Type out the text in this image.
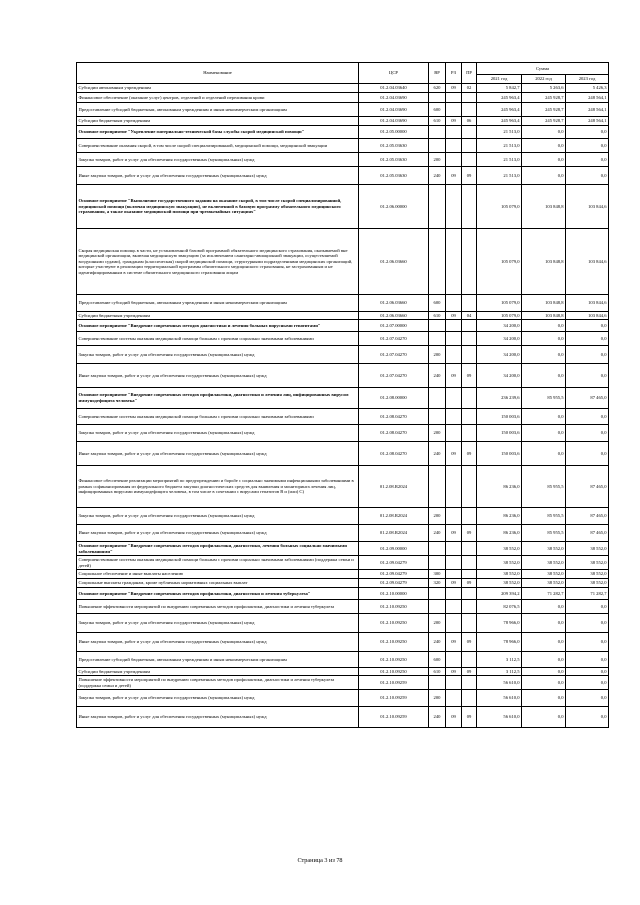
Наименование	ЦСР	ВР	РЗ	ПР	Сумма		
					2021 год	2022 год	2023 год
Субсидии автономным учреждениям	01.2.04.03640	620	09	02	5 842,7	5 263,6	5 426,3
Финансовое обеспечение (оказание услуг) центров, отделений и отделений переливания крови	01.2.04.03690				245 963,4	245 928,7	248 564,1
Предоставление субсидий бюджетным, автономным учреждениям и иным некоммерческим организациям	01.2.04.03690	600			245 963,4	245 928,7	248 564,1
Субсидии бюджетным учреждениям	01.2.04.03690	610	09	06	245 963,4	245 928,7	248 564,1
Основное мероприятие "Укрепление материально-технической базы службы скорой медицинской помощи"	01.2.05.00000				21 513,0	0,0	0,0
Совершенствование оказания скорой, в том числе скорой специализированной, медицинской помощи, медицинской эвакуации	01.2.05.03630				21 513,0	0,0	0,0
Закупка товаров, работ и услуг для обеспечения государственных (муниципальных) нужд	01.2.05.03630	200			21 513,0	0,0	0,0
Иные закупки товаров, работ и услуг для обеспечения государственных (муниципальных) нужд	01.2.05.03630	240	09	09	21 513,0	0,0	0,0
Основное мероприятие "Выполнение государственного задания на оказание скорой, в том числе скорой специализированной, медицинской помощи (включая медицинскую эвакуацию), не включенной в базовую программу обязательного медицинского страхования, а также оказание медицинской помощи при чрезвычайных ситуациях"	01.2.06.00000				105 079,0	103 848,8	103 844,6
Скорая медицинская помощь в части, не установленной базовой программой обязательного медицинского страхования, оказываемой вне медицинской организации, включая медицинскую эвакуацию (за исключением санитарно-авиационной эвакуации, осуществляемой воздушными судами), гражданам (классическая) скорой медицинской помощи, структурными подразделениями медицинских организаций, которые участвуют в реализации территориальной программы обязательного медицинского страхования, не застрахованным и не идентифицированным в системе обязательного медицинского страхования лицам	01.2.06.03660				105 079,0	103 848,8	103 844,6
Предоставление субсидий бюджетным, автономным учреждениям и иным некоммерческим организациям	01.2.06.03660	600			105 079,0	103 848,8	103 844,6
Субсидии бюджетным учреждениям	01.2.06.03660	610	09	04	105 079,0	103 848,8	103 844,6
Основное мероприятие "Внедрение современных методов диагностики и лечения больных вирусными гепатитами"	01.2.07.00000				34 200,0	0,0	0,0
Совершенствование системы оказания медицинской помощи больным с прочими социально значимыми заболеваниями	01.2.07.04270				34 200,0	0,0	0,0
Закупка товаров, работ и услуг для обеспечения государственных (муниципальных) нужд	01.2.07.04270	200			34 200,0	0,0	0,0
Иные закупки товаров, работ и услуг для обеспечения государственных (муниципальных) нужд	01.2.07.04270	240	09	09	34 200,0	0,0	0,0
Основное мероприятие "Внедрение современных методов профилактики, диагностики и лечения лиц, инфицированных вирусом иммунодефицита человека"	01.2.08.00000				236 239,6	85 955,5	87 465,0
Совершенствование системы оказания медицинской помощи больным с прочими социально значимыми заболеваниями	01.2.08.04270				150 003,6	0,0	0,0
Закупка товаров, работ и услуг для обеспечения государственных (муниципальных) нужд	01.2.08.04270	200			150 003,6	0,0	0,0
Иные закупки товаров, работ и услуг для обеспечения государственных (муниципальных) нужд	01.2.08.04270	240	09	09	150 003,6	0,0	0,0
Финансовое обеспечение реализации мероприятий по предупреждению и борьбе с социально значимыми инфекционными заболеваниями в рамках софинансирования из федерального бюджета закупки диагностических средств для выявления и мониторинга лечения лиц, инфицированных вирусами иммунодефицита человека, в том числе в сочетании с вирусами гепатитов B и (или) C)	01.2.08.R2024				86 236,0	85 955,5	87 465,0
Закупка товаров, работ и услуг для обеспечения государственных (муниципальных) нужд	01.2.08.R2024	200			86 236,0	85 955,5	87 465,0
Иные закупки товаров, работ и услуг для обеспечения государственных (муниципальных) нужд	01.2.08.R2024	240	09	09	86 236,0	85 955,5	87 465,0
Основное мероприятие "Внедрение современных методов профилактики, диагностики, лечения больных социально значимыми заболеваниями"	01.2.09.00000				38 552,0	38 552,0	38 552,0
Совершенствование системы оказания медицинской помощи больным с прочими социально значимыми заболеваниями (поддержка семьи и детей)	01.2.09.04279				38 552,0	38 552,0	38 552,0
Социальное обеспечение и иные выплаты населению	01.2.09.04279	300			38 552,0	38 552,0	38 552,0
Социальные выплаты гражданам, кроме публичных нормативных социальных выплат	01.2.09.04279	320	09	09	38 552,0	38 552,0	38 552,0
Основное мероприятие "Внедрение современных методов профилактики, диагностики и лечения туберкулеза"	01.2.10.00000				209 394,2	71 282,7	71 282,7
Повышение эффективности мероприятий по внедрению современных методов профилактики, диагностики и лечения туберкулеза	01.2.10.09250				82 076,5	0,0	0,0
Закупка товаров, работ и услуг для обеспечения государственных (муниципальных) нужд	01.2.10.09250	200			78 966,0	0,0	0,0
Иные закупки товаров, работ и услуг для обеспечения государственных (муниципальных) нужд	01.2.10.09250	240	09	09	78 966,0	0,0	0,0
Предоставление субсидий бюджетным, автономным учреждениям и иным некоммерческим организациям	01.2.10.09250	600			3 112,5	0,0	0,0
Субсидии бюджетным учреждениям	01.2.10.09250	610	09	09	3 112,5	0,0	0,0
Повышение эффективности мероприятий по внедрению современных методов профилактики, диагностики и лечения туберкулеза (поддержка семьи и детей)	01.2.10.09259				56 610,0	0,0	0,0
Закупка товаров, работ и услуг для обеспечения государственных (муниципальных) нужд	01.2.10.09259	200			56 610,0	0,0	0,0
Иные закупки товаров, работ и услуг для обеспечения государственных (муниципальных) нужд	01.2.10.09259	240	09	09	56 610,0	0,0	0,0
Страница 3 из 78
